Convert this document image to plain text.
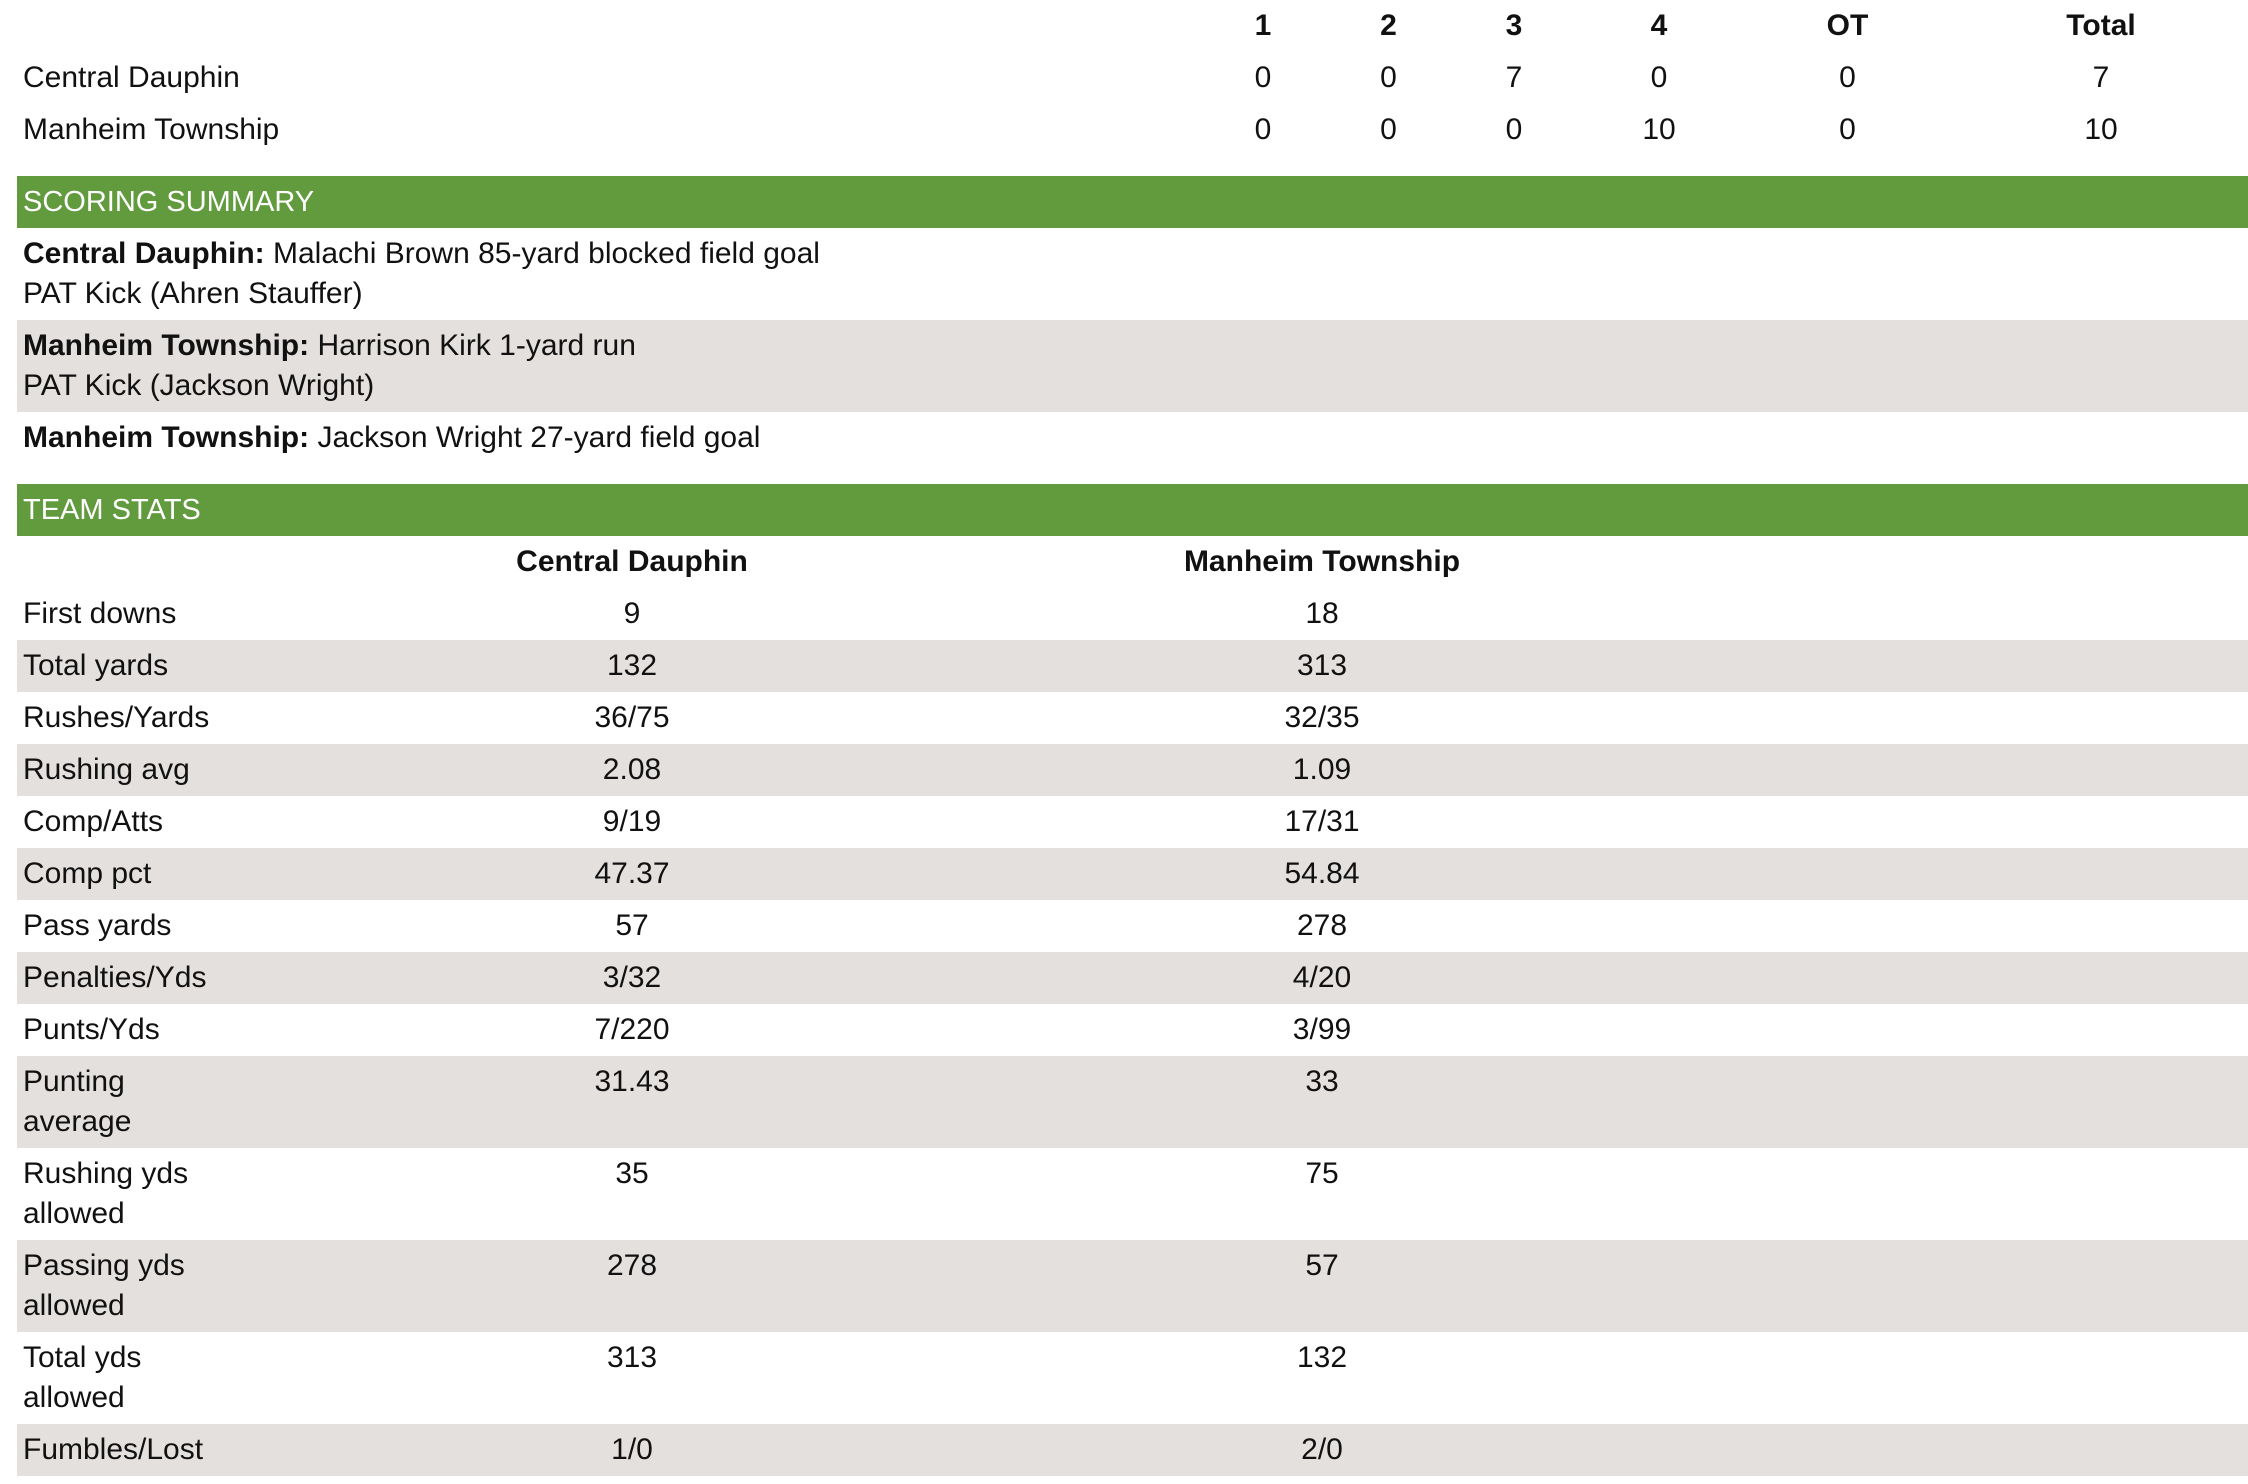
	1	2	3	4	OT	Total
Central Dauphin	0	0	7	0	0	7
Manheim Township	0	0	0	10	0	10
SCORING SUMMARY
Central Dauphin: Malachi Brown 85-yard blocked field goal
PAT Kick (Ahren Stauffer)
Manheim Township: Harrison Kirk 1-yard run
PAT Kick (Jackson Wright)
Manheim Township: Jackson Wright 27-yard field goal
TEAM STATS
	Central Dauphin	Manheim Township
First downs	9	18
Total yards	132	313
Rushes/Yards	36/75	32/35
Rushing avg	2.08	1.09
Comp/Atts	9/19	17/31
Comp pct	47.37	54.84
Pass yards	57	278
Penalties/Yds	3/32	4/20
Punts/Yds	7/220	3/99
Punting average	31.43	33
Rushing yds allowed	35	75
Passing yds allowed	278	57
Total yds allowed	313	132
Fumbles/Lost	1/0	2/0
